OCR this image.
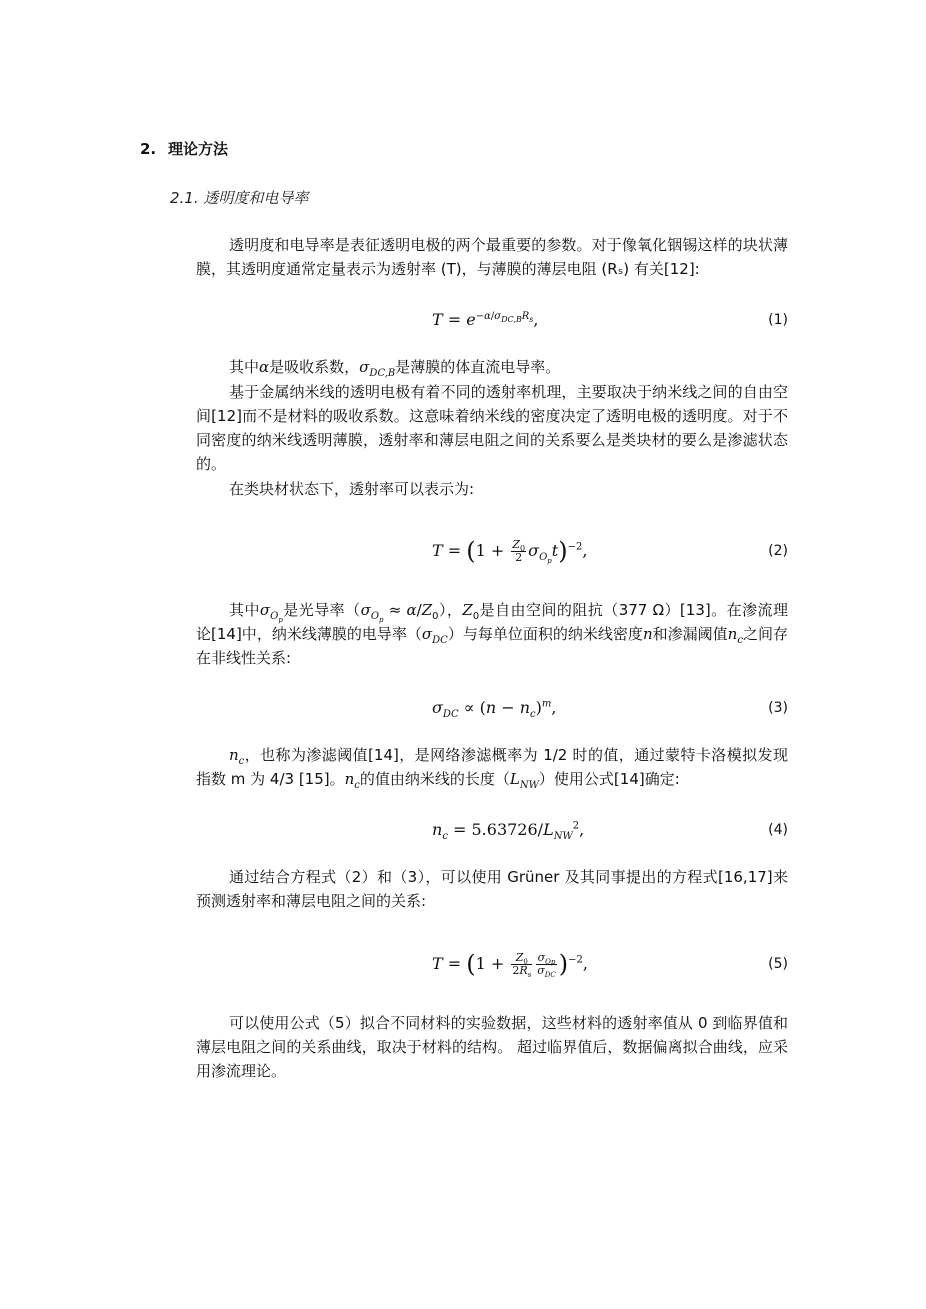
2. 理论方法
2.1. 透明度和电导率

透明度和电导率是表征透明电极的两个最重要的参数。对于像氧化铟锡这样的块状薄膜，其透明度通常定量表示为透射率 (T)，与薄膜的薄层电阻 (Rₛ) 有关[12]:

$T = e^{-\alpha/\sigma_{DC,B}R_s}$,	(1)

其中α是吸收系数，$\sigma_{DC,B}$是薄膜的体直流电导率。

基于金属纳米线的透明电极有着不同的透射率机理，主要取决于纳米线之间的自由空间[12]而不是材料的吸收系数。这意味着纳米线的密度决定了透明电极的透明度。对于不同密度的纳米线透明薄膜，透射率和薄层电阻之间的关系要么是类块材的要么是渗滤状态的。

在类块材状态下，透射率可以表示为:

$T = (1 + \frac{Z_0}{2} \sigma_{O_p}t)^{-2}$,	(2)

其中$\sigma_{O_p}$是光导率$(\sigma_{O_p} \approx \alpha/Z_0)$，$Z_0$是自由空间的阻抗（377 Ω）[13]。在渗流理论[14]中，纳米线薄膜的电导率$(\sigma_{DC})$与每单位面积的纳米线密度n和渗漏阈值$n_c$之间存在非线性关系:

$\sigma_{DC} \propto (n - n_c)^m$,	(3)

$n_c$，也称为渗滤阈值[14]，是网络渗滤概率为 1/2 时的值，通过蒙特卡洛模拟发现指数 m 为 4/3 [15]。$n_c$的值由纳米线的长度$(L_{NW})$使用公式[14]确定:

$n_c = 5.63726/L_{NW}^2$,	(4)

通过结合方程式（2）和（3），可以使用 Grüner 及其同事提出的方程式[16,17]来预测透射率和薄层电阻之间的关系:

$T = (1 + \frac{Z_0}{2R_s} \frac{\sigma_{Op}}{\sigma_{DC}} )^{-2}$,	(5)

可以使用公式（5）拟合不同材料的实验数据，这些材料的透射率值从 0 到临界值和薄层电阻之间的关系曲线，取决于材料的结构。 超过临界值后，数据偏离拟合曲线，应采用渗流理论。
